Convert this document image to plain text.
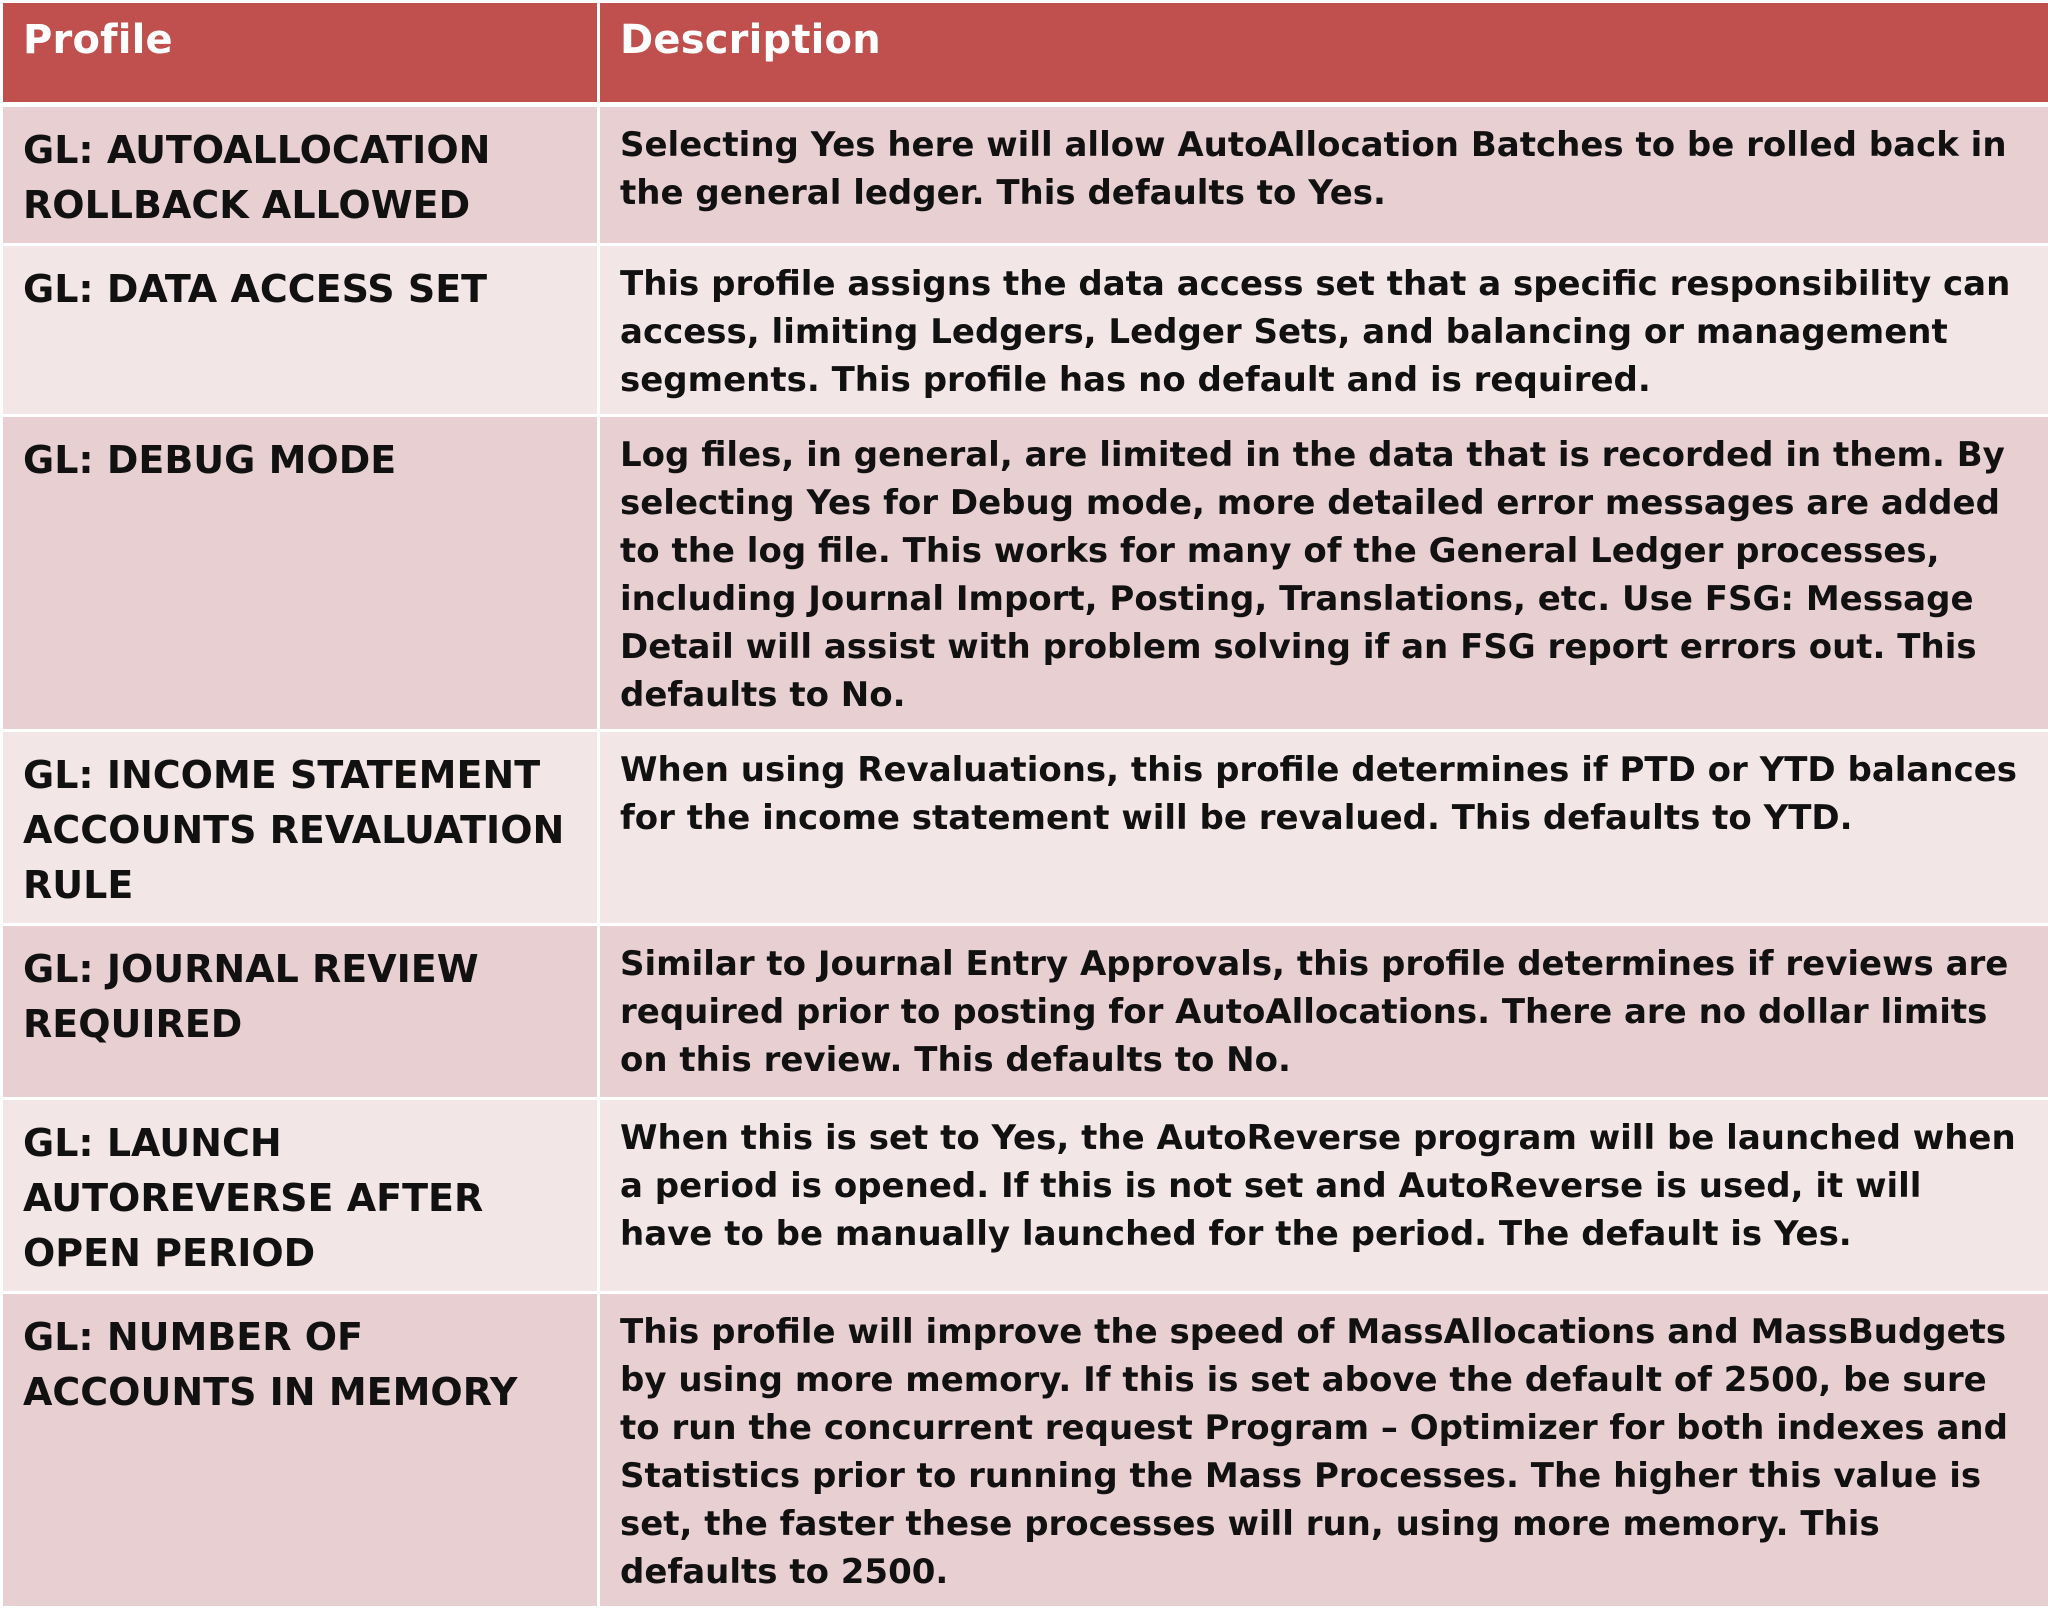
Profile	Description
GL: AUTOALLOCATION ROLLBACK ALLOWED	Selecting Yes here will allow AutoAllocation Batches to be rolled back in the general ledger. This defaults to Yes.
GL: DATA ACCESS SET	This profile assigns the data access set that a specific responsibility can access, limiting Ledgers, Ledger Sets, and balancing or management segments. This profile has no default and is required.
GL: DEBUG MODE	Log files, in general, are limited in the data that is recorded in them. By selecting Yes for Debug mode, more detailed error messages are added to the log file. This works for many of the General Ledger processes, including Journal Import, Posting, Translations, etc. Use FSG: Message Detail will assist with problem solving if an FSG report errors out. This defaults to No.
GL: INCOME STATEMENT ACCOUNTS REVALUATION RULE	When using Revaluations, this profile determines if PTD or YTD balances for the income statement will be revalued. This defaults to YTD.
GL: JOURNAL REVIEW REQUIRED	Similar to Journal Entry Approvals, this profile determines if reviews are required prior to posting for AutoAllocations. There are no dollar limits on this review. This defaults to No.
GL: LAUNCH AUTOREVERSE AFTER OPEN PERIOD	When this is set to Yes, the AutoReverse program will be launched when a period is opened. If this is not set and AutoReverse is used, it will have to be manually launched for the period. The default is Yes.
GL: NUMBER OF ACCOUNTS IN MEMORY	This profile will improve the speed of MassAllocations and MassBudgets by using more memory. If this is set above the default of 2500, be sure to run the concurrent request Program – Optimizer for both indexes and Statistics prior to running the Mass Processes. The higher this value is set, the faster these processes will run, using more memory. This defaults to 2500.
